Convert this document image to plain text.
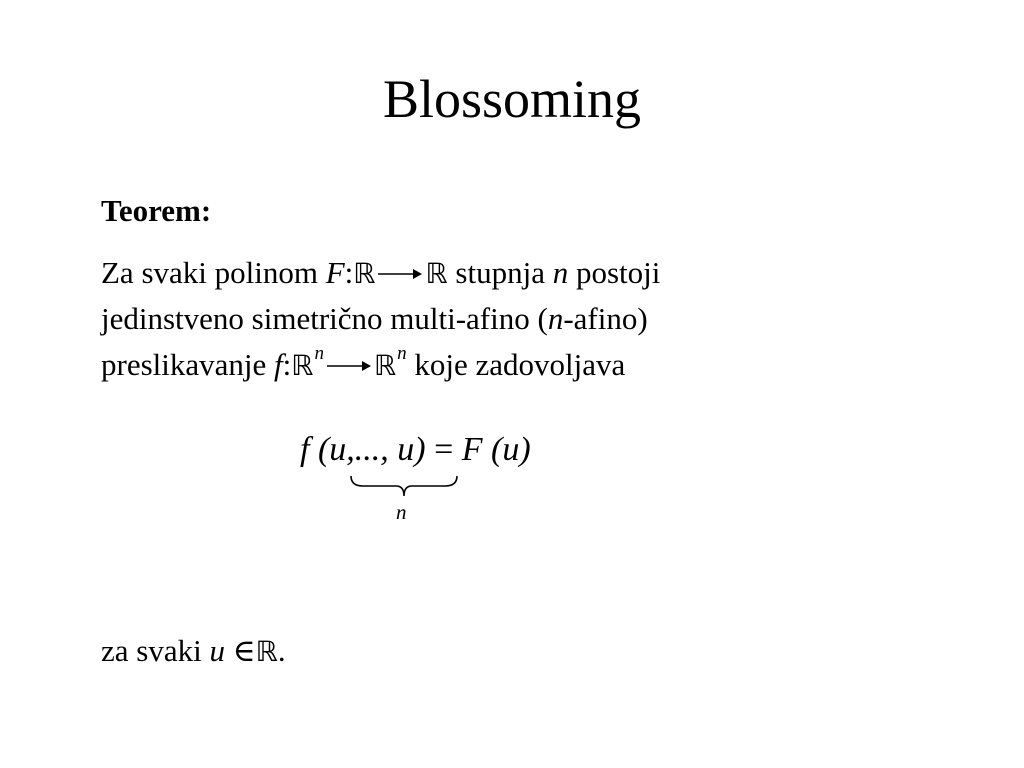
Blossoming
Teorem:
Za svaki polinom F:ℝ ℝ stupnja n postoji
jedinstveno simetrično multi-afino (n-afino)
preslikavanje f:ℝ$^n$ ℝ$^n$ koje zadovoljava
f (u,..., u) = F (u)
n
za svaki u ∈ℝ.
